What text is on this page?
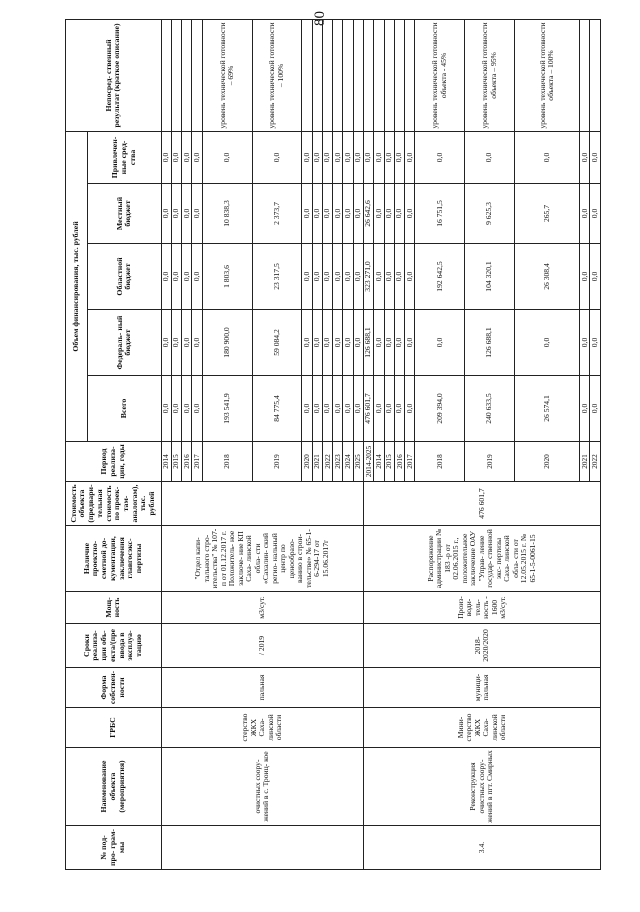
80
№ под- про- грам- мы	Наименование объекта (мероприятия)	ГРБС	Форма собствен- ности	Сроки реализа- ции объ- екта/(пре вводa в эксплуа- тацию	Мощ- ность	Наличие проектно- сметной до- кументации, заключения главгосэкс- пертизы	Стоимость объекта (предвари- тельная стоимость по проек- там- аналогам), тыс. рублей	Период реализа- ции, годы	Объем финансирования, тыс. рублей					Непосред- ственный результат (краткое описание)
									Всего	Федераль- ный бюджет	Областной бюджет	Местный бюджет	Привлечен- ные сред- ства	
	очистных соору- жений в с. Троиц- кое	стерство ЖКХ Саха- линской области	пальная	/ 2019	м3/сут.	"Отдел капи- тального стро- ительства" № 107-п от 01.12.2017 г. Положитель- ное заключе- ние КП Саха- линской обла- сти «Сахалин- ский регио- нальный центр по ценообразо- ванию в строи- тельстве» № 65-1-6-294-17 от 15.06.2017г		2014	0,0	0,0	0,0	0,0	0,0	
								2015	0,0	0,0	0,0	0,0	0,0	
								2016	0,0	0,0	0,0	0,0	0,0	
								2017	0,0	0,0	0,0	0,0	0,0	
								2018	193 541,9	180 900,0	1 803,6	10 838,3	0,0	уровень технической готовности – 69%
								2019	84 775,4	59 084,2	23 317,5	2 373,7	0,0	уровень технической готовности – 100%
								2020	0,0	0,0	0,0	0,0	0,0	
								2021	0,0	0,0	0,0	0,0	0,0	
								2022	0,0	0,0	0,0	0,0	0,0	
								2023	0,0	0,0	0,0	0,0	0,0	
								2024	0,0	0,0	0,0	0,0	0,0	
								2025	0,0	0,0	0,0	0,0	0,0	
3.4.	Реконструкция очистных соору- жений в пгт. Смирных	Мини- стерство ЖКХ Саха- линской области	муници- пальная	2018- 2020/2020	Произ- води- тель- ность - 1600 м3/сут.	Распоряжение администрации № 183 -р от 02.06.2015 г., положительное заключение ОАУ "Управ- ление государ- ственной экс- пертизы Саха- линской обла- сти от 12.05.2015 г. № 65-1-5-0061-15	476 601,7	2014-2025	476 601,7	126 688,1	323 271,0	26 642,6	0,0	
								2014	0,0	0,0	0,0	0,0	0,0	
								2015	0,0	0,0	0,0	0,0	0,0	
								2016	0,0	0,0	0,0	0,0	0,0	
								2017	0,0	0,0	0,0	0,0	0,0	
								2018	209 394,0	0,0	192 642,5	16 751,5	0,0	уровень технической готовности объекта - 45%
								2019	240 633,5	126 688,1	104 320,1	9 625,3	0,0	уровень технической готовности объекта – 95%
								2020	26 574,1	0,0	26 308,4	265,7	0,0	уровень технической готовности объекта – 100%
								2021	0,0	0,0	0,0	0,0	0,0	
								2022	0,0	0,0	0,0	0,0	0,0	
